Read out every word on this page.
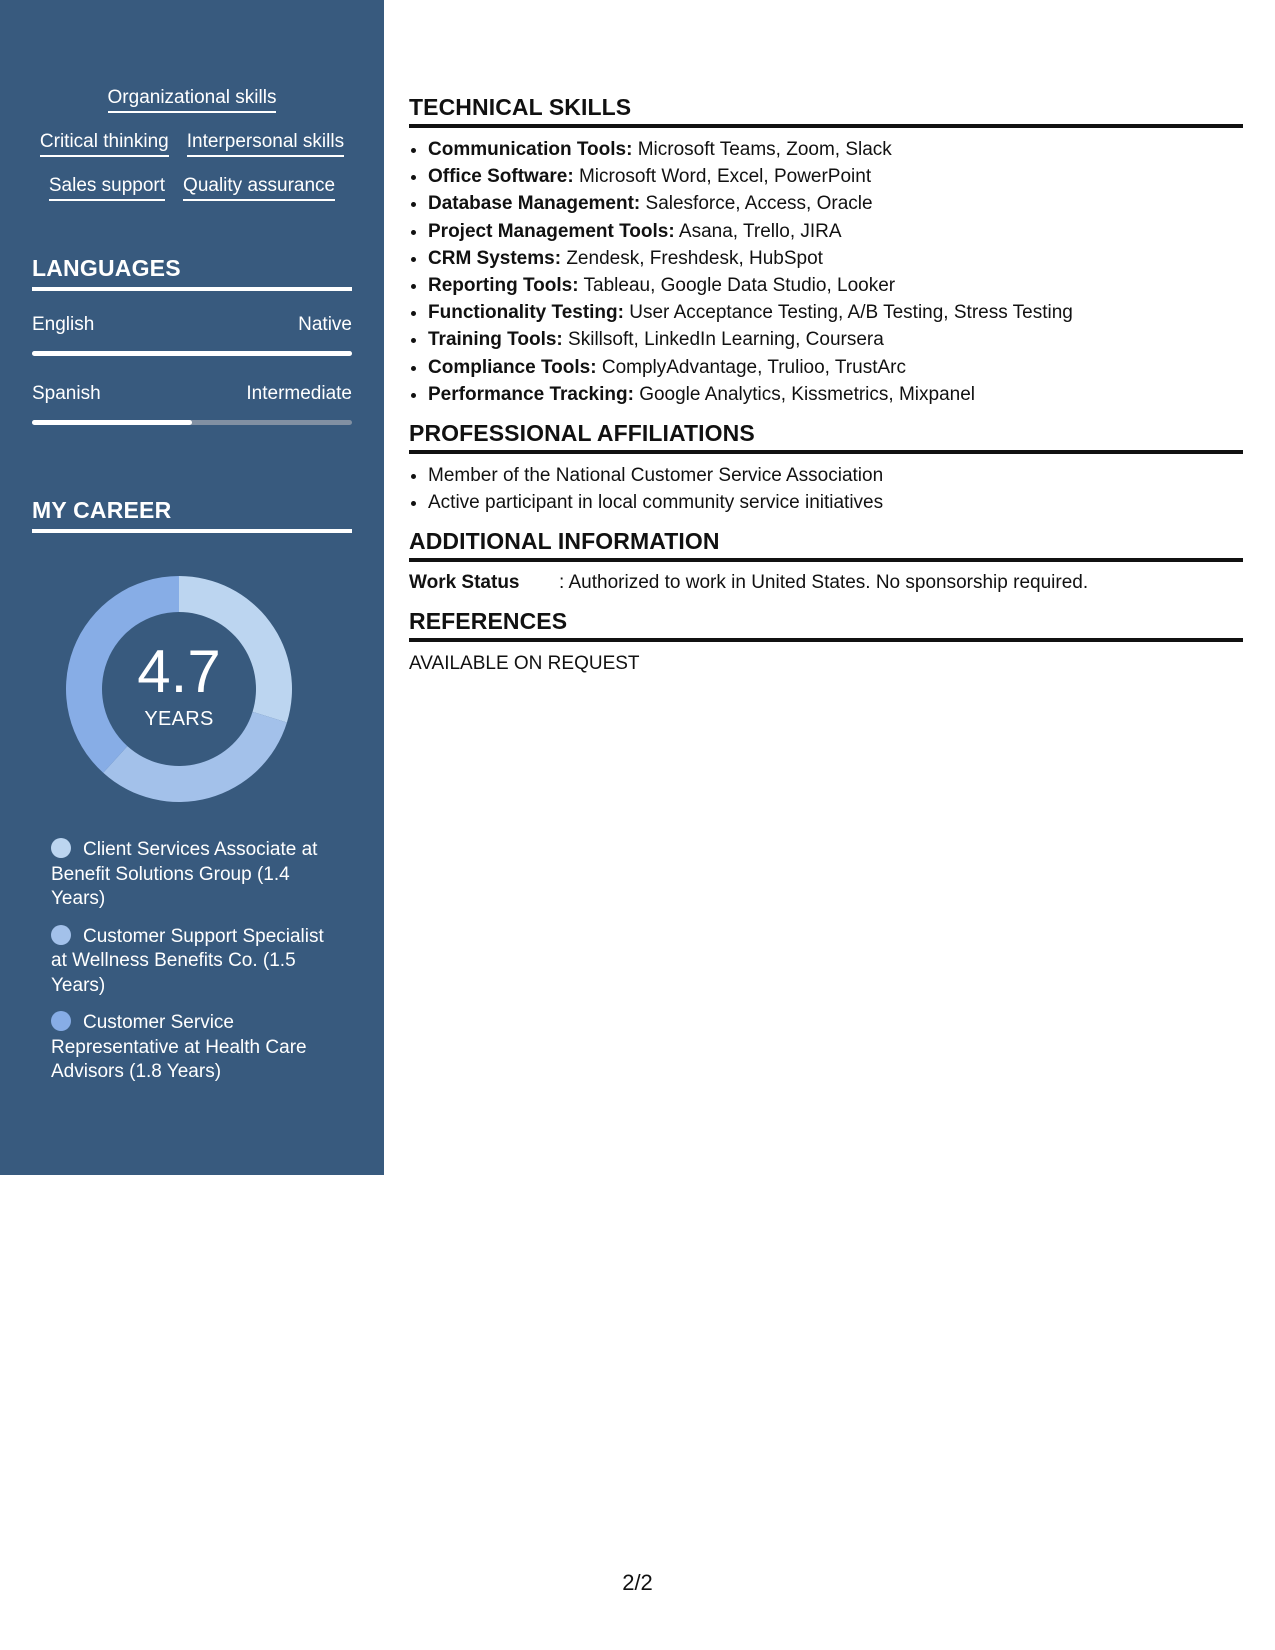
Organizational skills
Critical thinking Interpersonal skills
Sales support Quality assurance
LANGUAGES
English	Native
Spanish	Intermediate
MY CAREER
4.7
YEARS
Client Services Associate at Benefit Solutions Group (1.4 Years)
Customer Support Specialist at Wellness Benefits Co. (1.5 Years)
Customer Service Representative at Health Care Advisors (1.8 Years)
TECHNICAL SKILLS
• Communication Tools: Microsoft Teams, Zoom, Slack
• Office Software: Microsoft Word, Excel, PowerPoint
• Database Management: Salesforce, Access, Oracle
• Project Management Tools: Asana, Trello, JIRA
• CRM Systems: Zendesk, Freshdesk, HubSpot
• Reporting Tools: Tableau, Google Data Studio, Looker
• Functionality Testing: User Acceptance Testing, A/B Testing, Stress Testing
• Training Tools: Skillsoft, LinkedIn Learning, Coursera
• Compliance Tools: ComplyAdvantage, Trulioo, TrustArc
• Performance Tracking: Google Analytics, Kissmetrics, Mixpanel
PROFESSIONAL AFFILIATIONS
• Member of the National Customer Service Association
• Active participant in local community service initiatives
ADDITIONAL INFORMATION
Work Status	: Authorized to work in United States. No sponsorship required.
REFERENCES
AVAILABLE ON REQUEST
2/2
